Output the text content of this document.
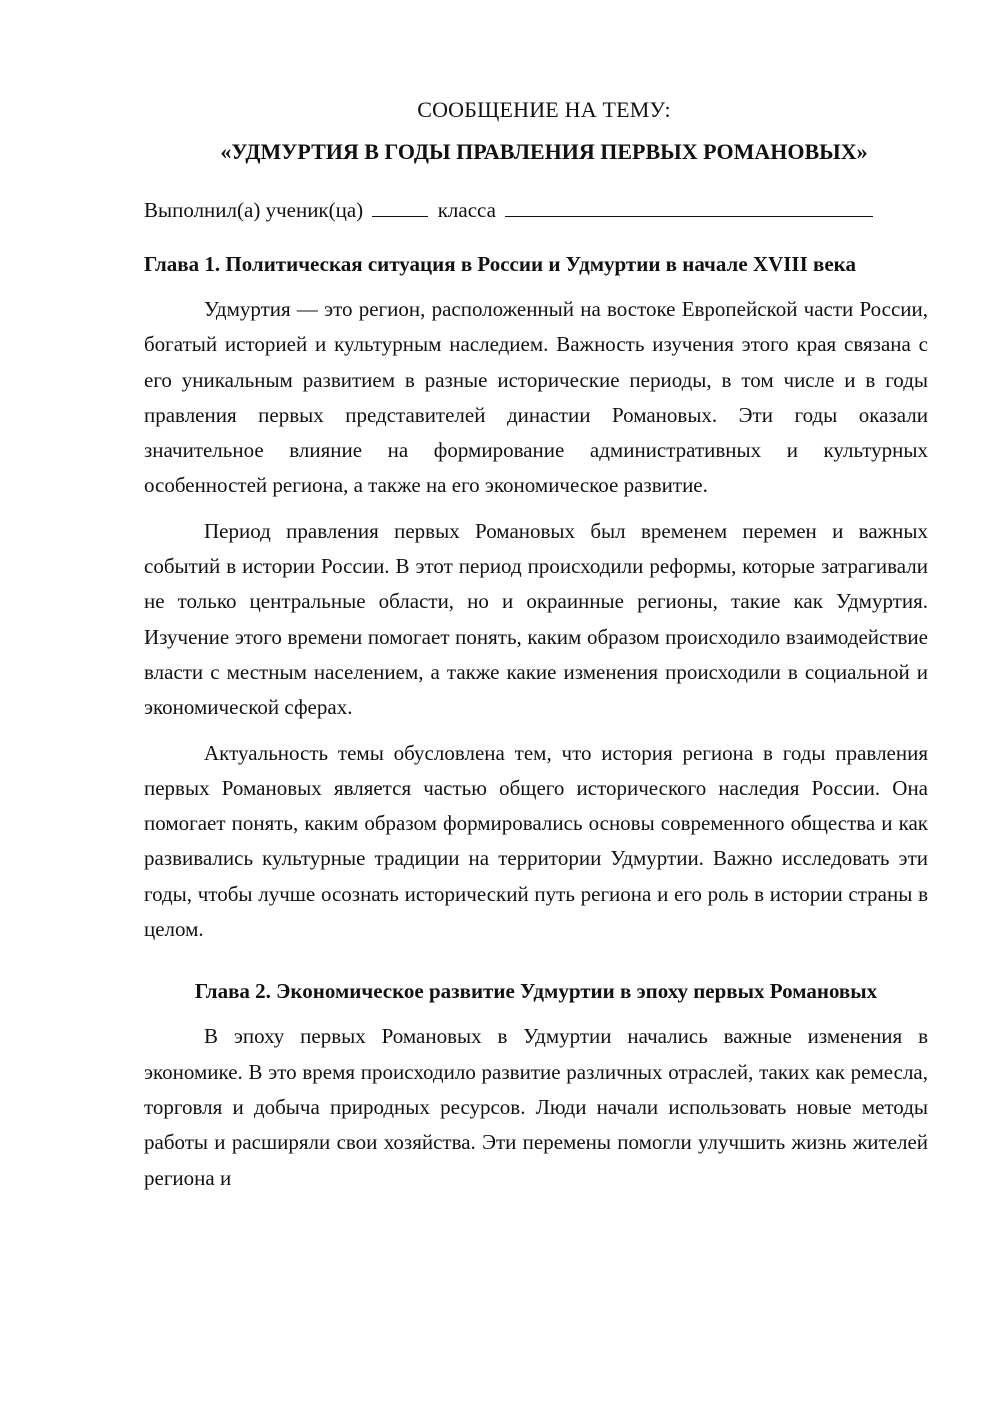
СООБЩЕНИЕ НА ТЕМУ:

«УДМУРТИЯ В ГОДЫ ПРАВЛЕНИЯ ПЕРВЫХ РОМАНОВЫХ»

Выполнил(а) ученик(ца)	класса

Глава 1. Политическая ситуация в России и Удмуртии в начале XVIII века

Удмуртия — это регион, расположенный на востоке Европейской части России, богатый историей и культурным наследием. Важность изучения этого края связана с его уникальным развитием в разные исторические периоды, в том числе и в годы правления первых представителей династии Романовых. Эти годы оказали значительное влияние на формирование административных и культурных особенностей региона, а также на его экономическое развитие.

Период правления первых Романовых был временем перемен и важных событий в истории России. В этот период происходили реформы, которые затрагивали не только центральные области, но и окраинные регионы, такие как Удмуртия. Изучение этого времени помогает понять, каким образом происходило взаимодействие власти с местным населением, а также какие изменения происходили в социальной и экономической сферах.

Актуальность темы обусловлена тем, что история региона в годы правления первых Романовых является частью общего исторического наследия России. Она помогает понять, каким образом формировались основы современного общества и как развивались культурные традиции на территории Удмуртии. Важно исследовать эти годы, чтобы лучше осознать исторический путь региона и его роль в истории страны в целом.

Глава 2. Экономическое развитие Удмуртии в эпоху первых Романовых

В эпоху первых Романовых в Удмуртии начались важные изменения в экономике. В это время происходило развитие различных отраслей, таких как ремесла, торговля и добыча природных ресурсов. Люди начали использовать новые методы работы и расширяли свои хозяйства. Эти перемены помогли улучшить жизнь жителей региона и
